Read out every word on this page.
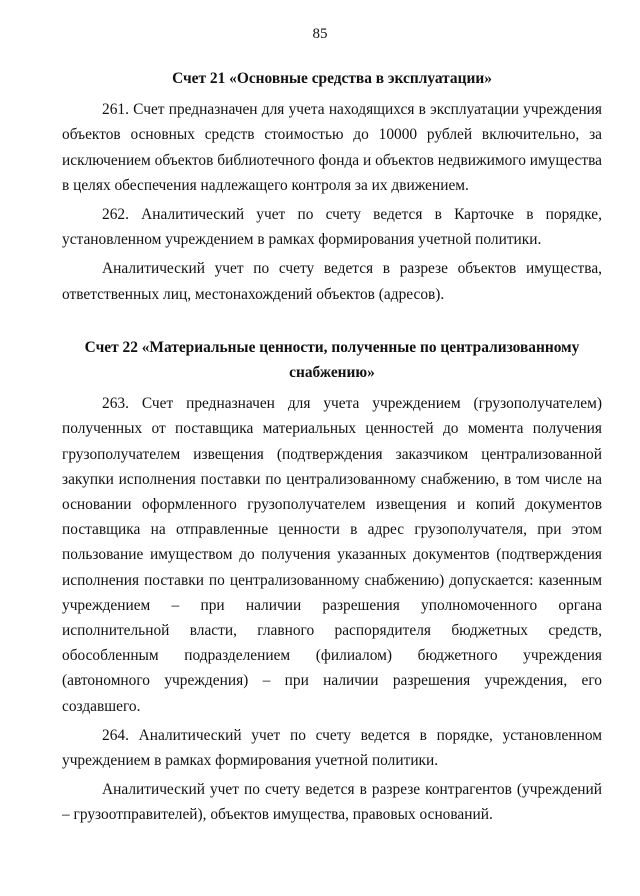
85
Счет 21 «Основные средства в эксплуатации»

261. Счет предназначен для учета находящихся в эксплуатации учреждения объектов основных средств стоимостью до 10000 рублей включительно, за исключением объектов библиотечного фонда и объектов недвижимого имущества в целях обеспечения надлежащего контроля за их движением.

262. Аналитический учет по счету ведется в Карточке в порядке, установленном учреждением в рамках формирования учетной политики.

Аналитический учет по счету ведется в разрезе объектов имущества, ответственных лиц, местонахождений объектов (адресов).

Счет 22 «Материальные ценности, полученные по централизованному снабжению»

263. Счет предназначен для учета учреждением (грузополучателем) полученных от поставщика материальных ценностей до момента получения грузополучателем извещения (подтверждения заказчиком централизованной закупки исполнения поставки по централизованному снабжению, в том числе на основании оформленного грузополучателем извещения и копий документов поставщика на отправленные ценности в адрес грузополучателя, при этом пользование имуществом до получения указанных документов (подтверждения исполнения поставки по централизованному снабжению) допускается: казенным учреждением – при наличии разрешения уполномоченного органа исполнительной власти, главного распорядителя бюджетных средств, обособленным подразделением (филиалом) бюджетного учреждения (автономного учреждения) – при наличии разрешения учреждения, его создавшего.

264. Аналитический учет по счету ведется в порядке, установленном учреждением в рамках формирования учетной политики.

Аналитический учет по счету ведется в разрезе контрагентов (учреждений – грузоотправителей), объектов имущества, правовых оснований.
